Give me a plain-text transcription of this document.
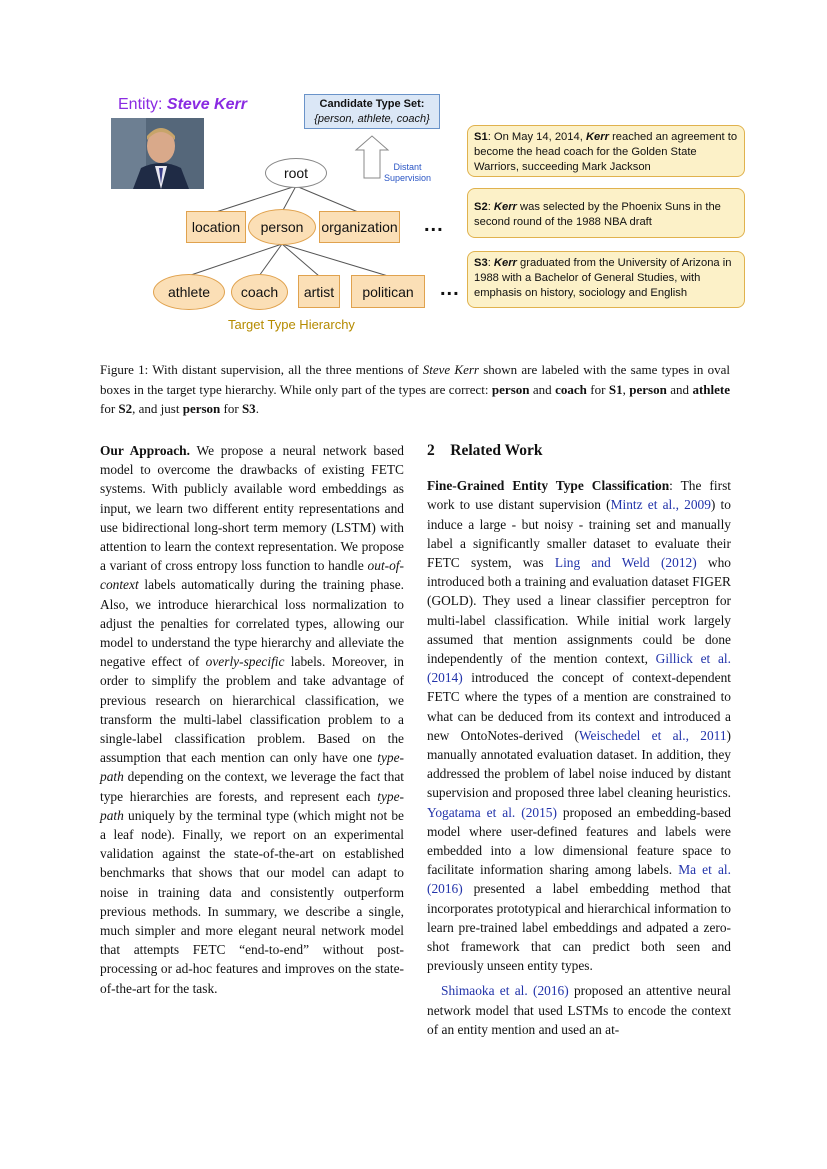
Entity: Steve Kerr	Candidate Type Set:
{person, athlete, coach}
Distant
Supervision
root
location	person	organization ...
athlete	coach	artist	politican	...
Target Type Hierarchy
S1: On May 14, 2014, Kerr reached an agreement to become the head coach for the Golden State Warriors, succeeding Mark Jackson
S2: Kerr was selected by the Phoenix Suns in the second round of the 1988 NBA draft
S3: Kerr graduated from the University of Arizona in 1988 with a Bachelor of General Studies, with emphasis on history, sociology and English
Figure 1: With distant supervision, all the three mentions of Steve Kerr shown are labeled with the same types in oval boxes in the target type hierarchy. While only part of the types are correct: person and coach for S1, person and athlete for S2, and just person for S3.

Our Approach. We propose a neural network based model to overcome the drawbacks of existing FETC systems. With publicly available word embeddings as input, we learn two different entity representations and use bidirectional long-short term memory (LSTM) with attention to learn the context representation. We propose a variant of cross entropy loss function to handle out-of-context labels automatically during the training phase. Also, we introduce hierarchical loss normalization to adjust the penalties for correlated types, allowing our model to understand the type hierarchy and alleviate the negative effect of overly-specific labels. Moreover, in order to simplify the problem and take advantage of previous research on hierarchical classification, we transform the multi-label classification problem to a single-label classification problem. Based on the assumption that each mention can only have one type-path depending on the context, we leverage the fact that type hierarchies are forests, and represent each type-path uniquely by the terminal type (which might not be a leaf node). Finally, we report on an experimental validation against the state-of-the-art on established benchmarks that shows that our model can adapt to noise in training data and consistently outperform previous methods. In summary, we describe a single, much simpler and more elegant neural network model that attempts FETC “end-to-end” without post-processing or ad-hoc features and improves on the state-of-the-art for the task.

2 Related Work

Fine-Grained Entity Type Classification: The first work to use distant supervision (Mintz et al., 2009) to induce a large - but noisy - training set and manually label a significantly smaller dataset to evaluate their FETC system, was Ling and Weld (2012) who introduced both a training and evaluation dataset FIGER (GOLD). They used a linear classifier perceptron for multi-label classification. While initial work largely assumed that mention assignments could be done independently of the mention context, Gillick et al. (2014) introduced the concept of context-dependent FETC where the types of a mention are constrained to what can be deduced from its context and introduced a new OntoNotes-derived (Weischedel et al., 2011) manually annotated evaluation dataset. In addition, they addressed the problem of label noise induced by distant supervision and proposed three label cleaning heuristics. Yogatama et al. (2015) proposed an embedding-based model where user-defined features and labels were embedded into a low dimensional feature space to facilitate information sharing among labels. Ma et al. (2016) presented a label embedding method that incorporates prototypical and hierarchical information to learn pre-trained label embeddings and adpated a zero-shot framework that can predict both seen and previously unseen entity types.

Shimaoka et al. (2016) proposed an attentive neural network model that used LSTMs to encode the context of an entity mention and used an at-
